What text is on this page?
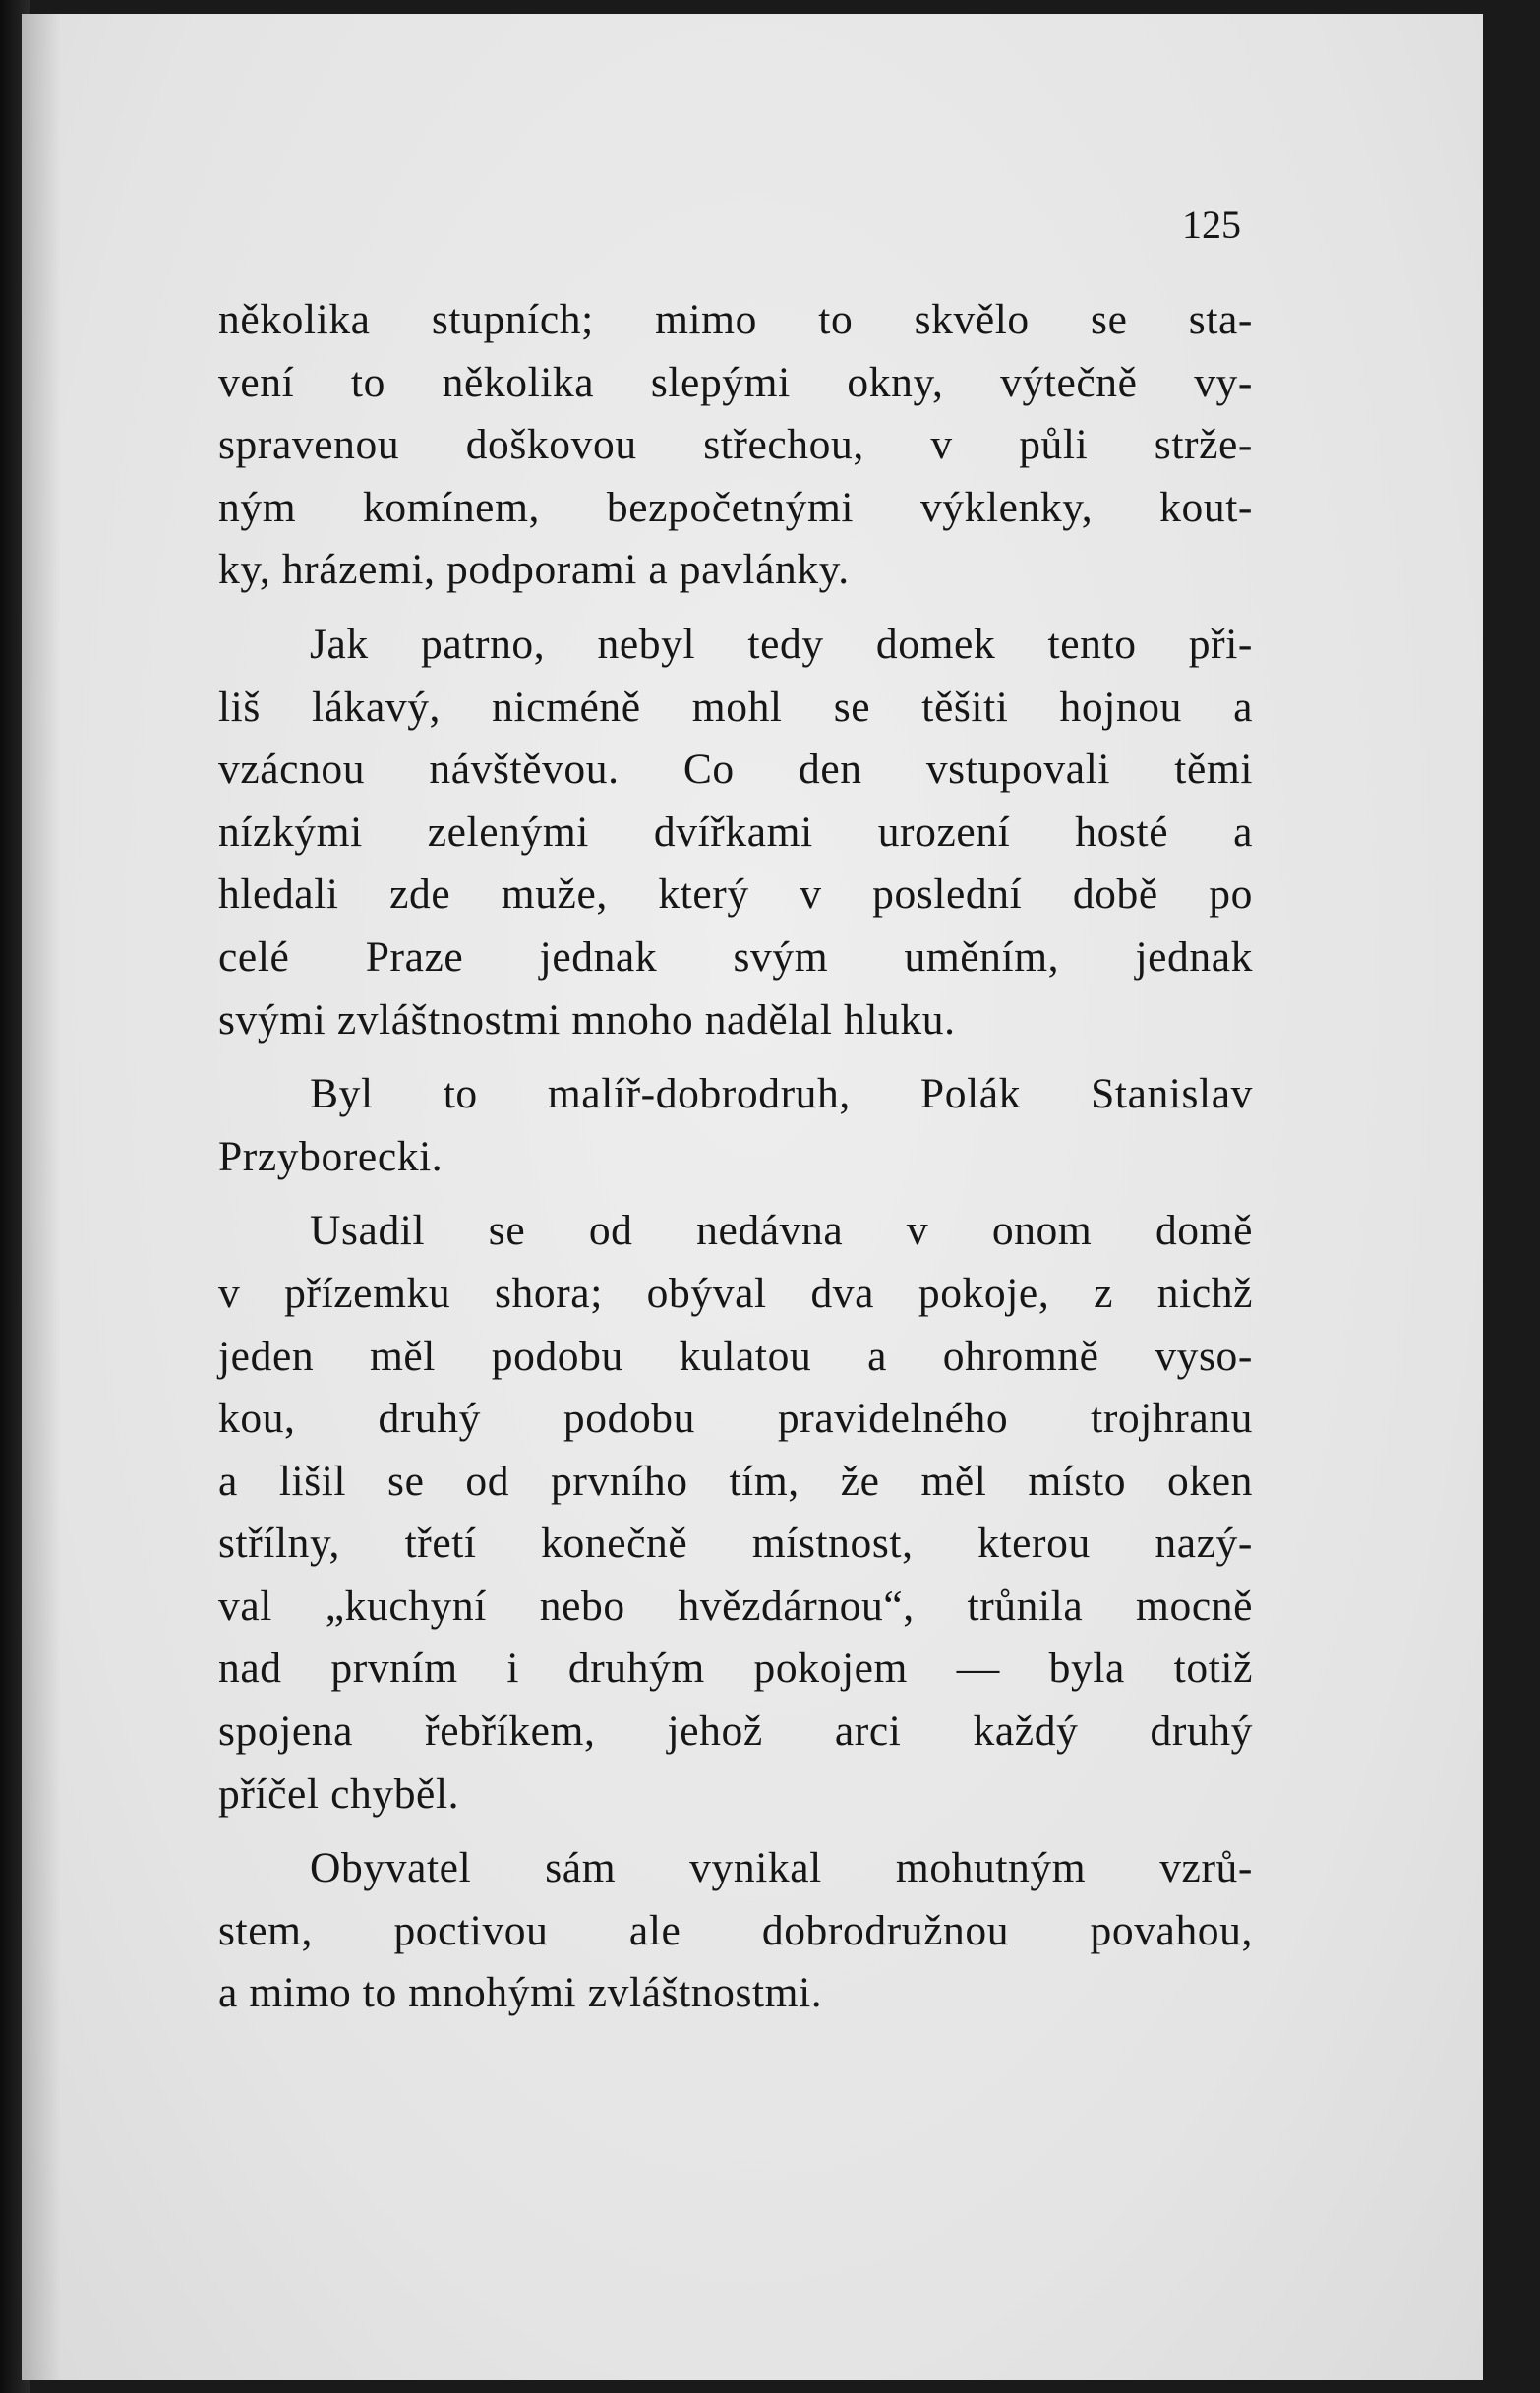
125
několika stupních; mimo to skvělo se sta-
vení to několika slepými okny, výtečně vy-
spravenou doškovou střechou, v půli strže-
ným komínem, bezpočetnými výklenky, kout-
ky, hrázemi, podporami a pavlánky.
Jak patrno, nebyl tedy domek tento při-
liš lákavý, nicméně mohl se těšiti hojnou a
vzácnou návštěvou. Co den vstupovali těmi
nízkými zelenými dvířkami urození hosté a
hledali zde muže, který v poslední době po
celé Praze jednak svým uměním, jednak
svými zvláštnostmi mnoho nadělal hluku.
Byl to malíř-dobrodruh, Polák Stanislav
Przyborecki.
Usadil se od nedávna v onom domě
v přízemku shora; obýval dva pokoje, z nichž
jeden měl podobu kulatou a ohromně vyso-
kou, druhý podobu pravidelného trojhranu
a lišil se od prvního tím, že měl místo oken
střílny, třetí konečně místnost, kterou nazý-
val „kuchyní nebo hvězdárnou“, trůnila mocně
nad prvním i druhým pokojem — byla totiž
spojena řebříkem, jehož arci každý druhý
příčel chyběl.
Obyvatel sám vynikal mohutným vzrů-
stem, poctivou ale dobrodružnou povahou,
a mimo to mnohými zvláštnostmi.
